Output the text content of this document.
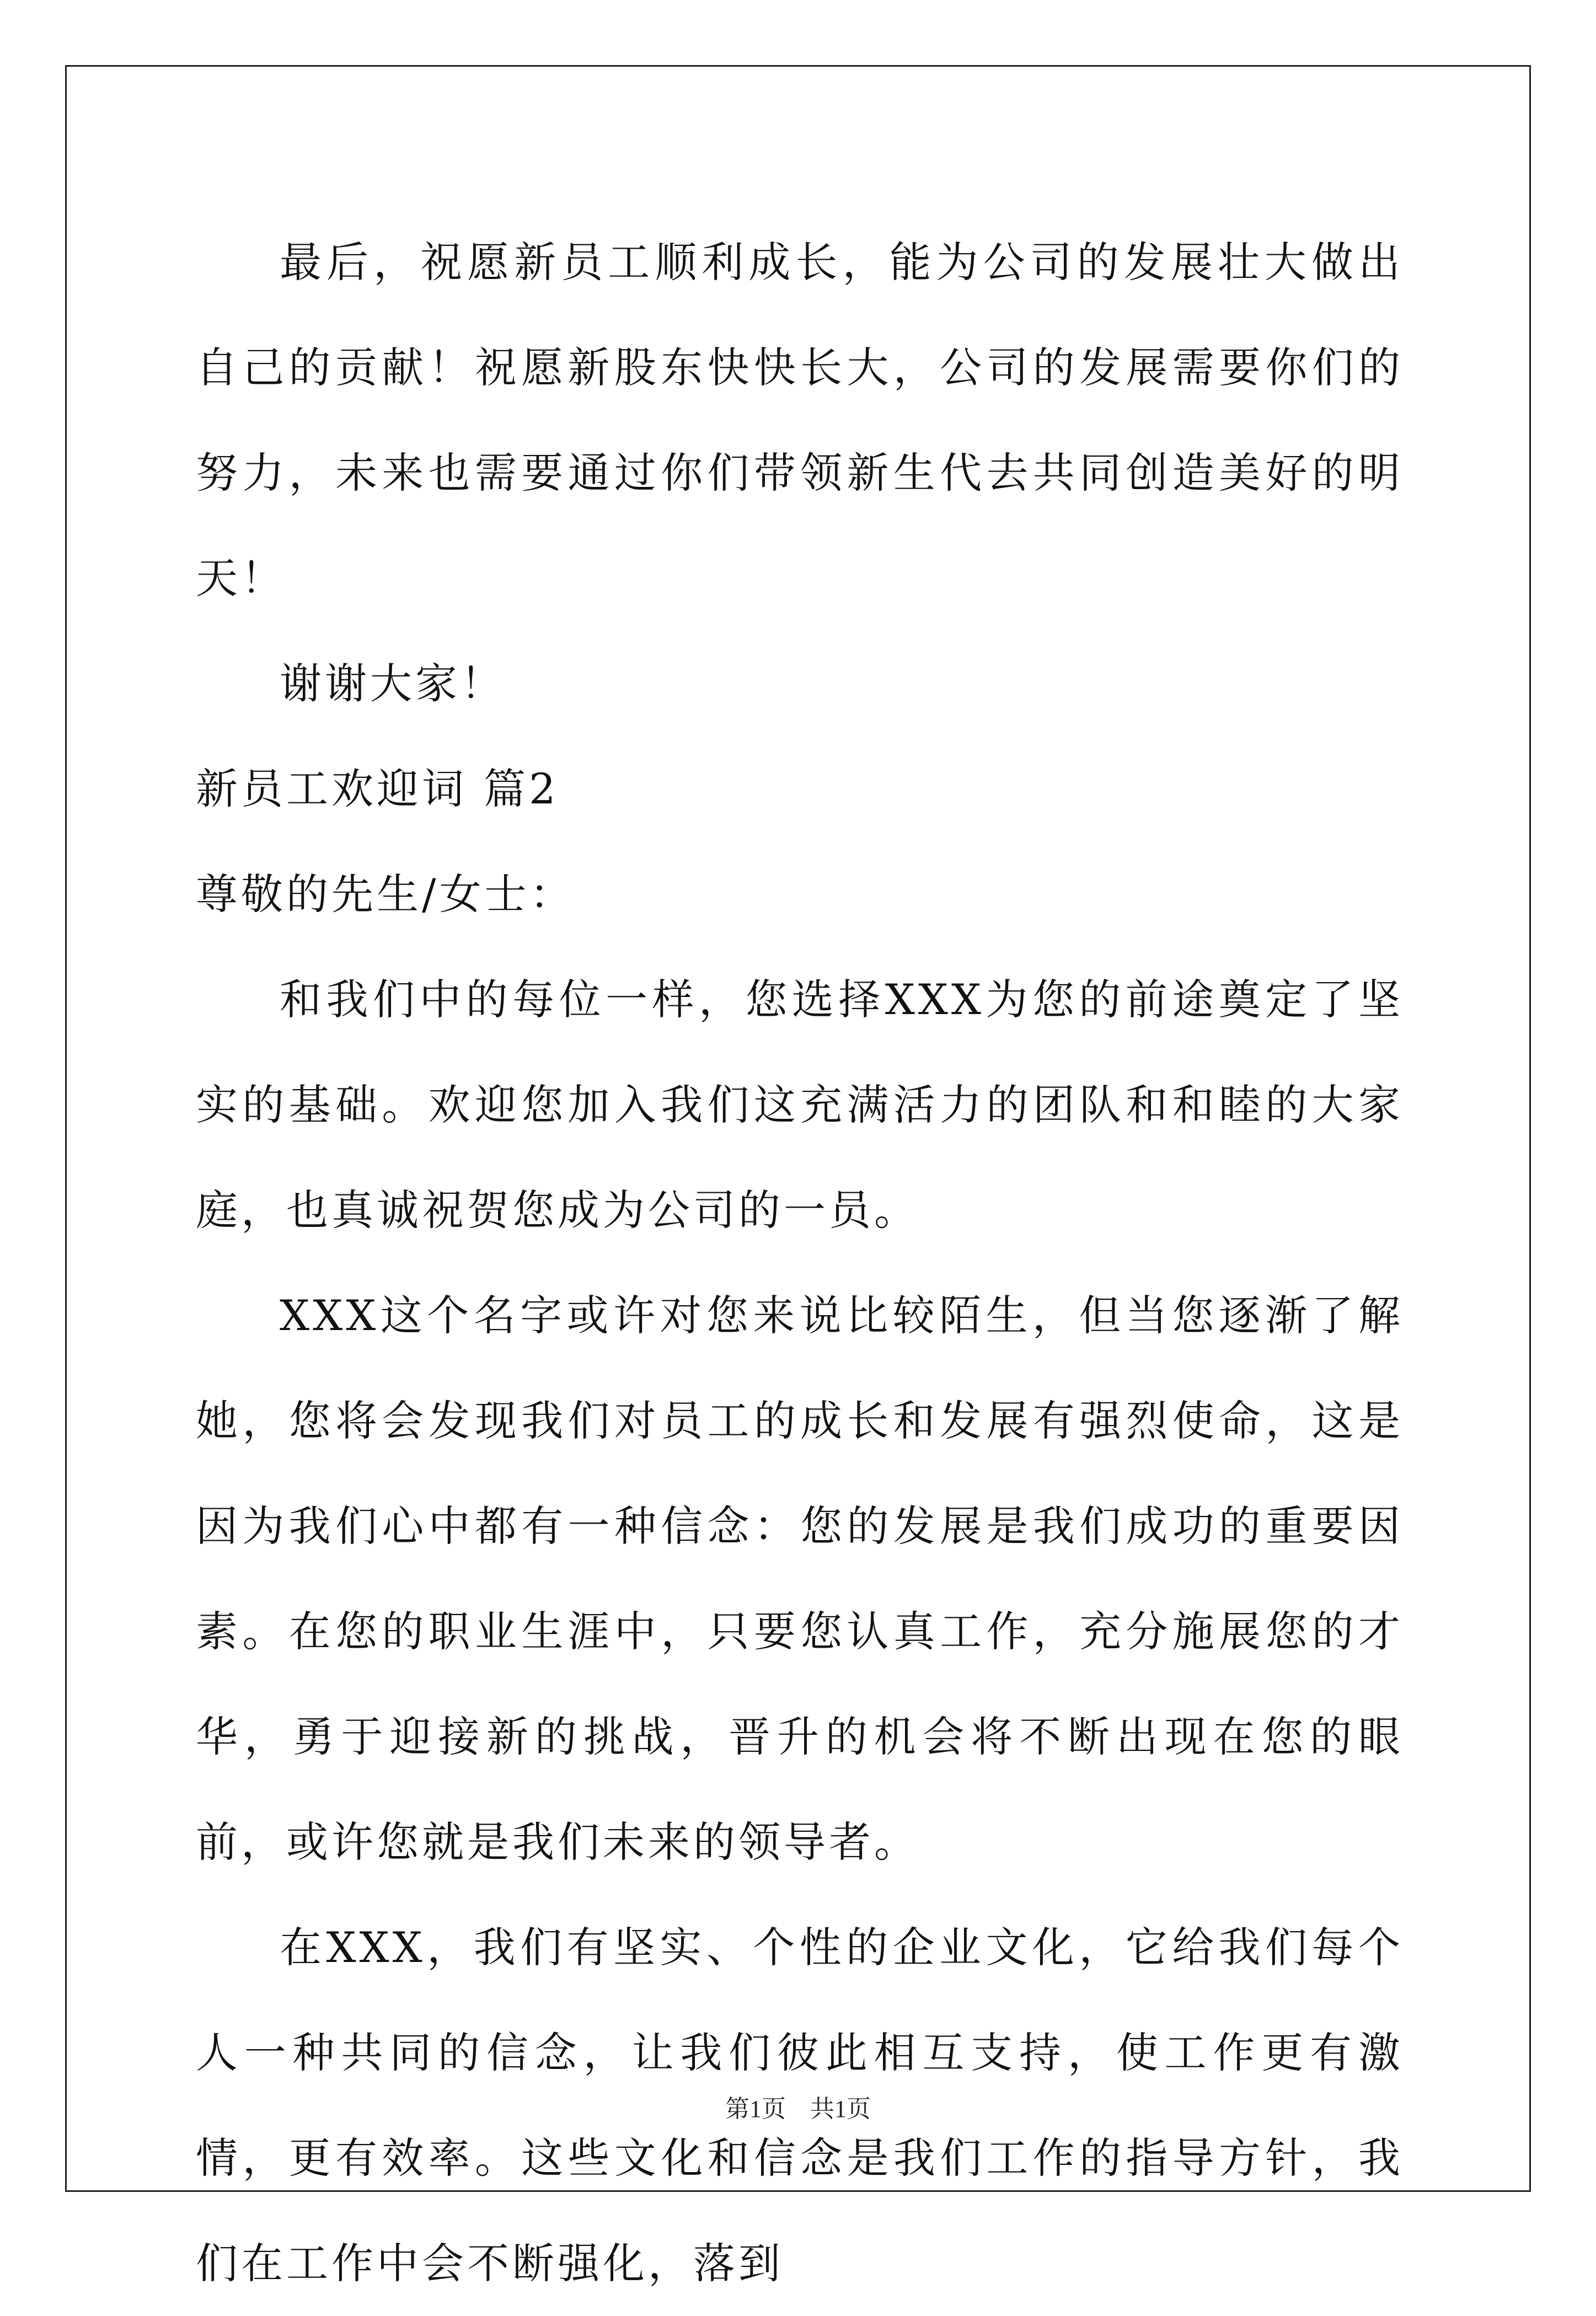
最后，祝愿新员工顺利成长，能为公司的发展壮大做出自己的贡献！祝愿新股东快快长大，公司的发展需要你们的努力，未来也需要通过你们带领新生代去共同创造美好的明天！

谢谢大家！

新员工欢迎词 篇2

尊敬的先生/女士：

和我们中的每位一样，您选择XXX为您的前途奠定了坚实的基础。欢迎您加入我们这充满活力的团队和和睦的大家庭，也真诚祝贺您成为公司的一员。

XXX这个名字或许对您来说比较陌生，但当您逐渐了解她，您将会发现我们对员工的成长和发展有强烈使命，这是因为我们心中都有一种信念：您的发展是我们成功的重要因素。在您的职业生涯中，只要您认真工作，充分施展您的才华，勇于迎接新的挑战，晋升的机会将不断出现在您的眼前，或许您就是我们未来的领导者。

在XXX，我们有坚实、个性的企业文化，它给我们每个人一种共同的信念，让我们彼此相互支持，使工作更有激情，更有效率。这些文化和信念是我们工作的指导方针，我们在工作中会不断强化，落到

第1页　共1页
